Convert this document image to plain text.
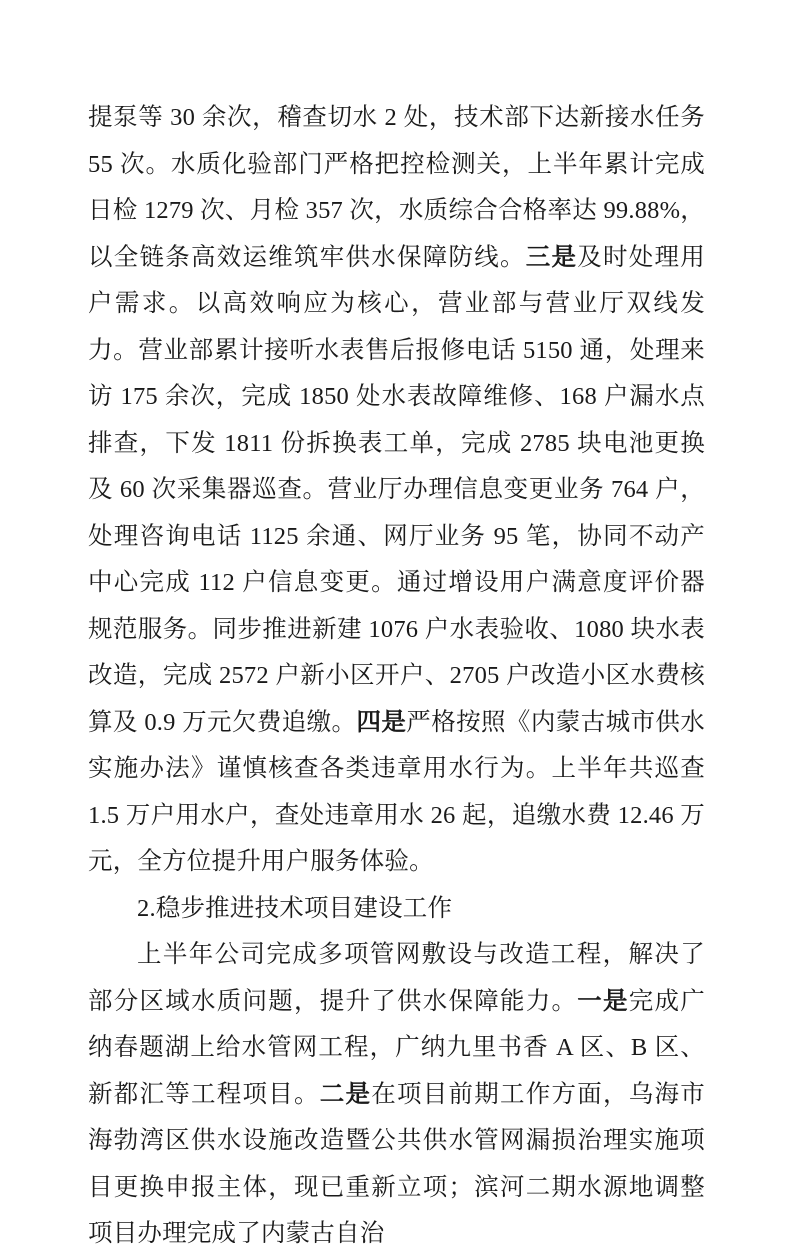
提泵等 30 余次，稽查切水 2 处，技术部下达新接水任务 55 次。水质化验部门严格把控检测关，上半年累计完成日检 1279 次、月检 357 次，水质综合合格率达 99.88%，以全链条高效运维筑牢供水保障防线。三是及时处理用户需求。以高效响应为核心，营业部与营业厅双线发力。营业部累计接听水表售后报修电话 5150 通，处理来访 175 余次，完成 1850 处水表故障维修、168 户漏水点排查，下发 1811 份拆换表工单，完成 2785 块电池更换及 60 次采集器巡查。营业厅办理信息变更业务 764 户，处理咨询电话 1125 余通、网厅业务 95 笔，协同不动产中心完成 112 户信息变更。通过增设用户满意度评价器规范服务。同步推进新建 1076 户水表验收、1080 块水表改造，完成 2572 户新小区开户、2705 户改造小区水费核算及 0.9 万元欠费追缴。四是严格按照《内蒙古城市供水实施办法》谨慎核查各类违章用水行为。上半年共巡查 1.5 万户用水户，查处违章用水 26 起，追缴水费 12.46 万元，全方位提升用户服务体验。

2.稳步推进技术项目建设工作

上半年公司完成多项管网敷设与改造工程，解决了部分区域水质问题，提升了供水保障能力。一是完成广纳春题湖上给水管网工程，广纳九里书香 A 区、B 区、新都汇等工程项目。二是在项目前期工作方面，乌海市海勃湾区供水设施改造暨公共供水管网漏损治理实施项目更换申报主体，现已重新立项；滨河二期水源地调整项目办理完成了内蒙古自治
